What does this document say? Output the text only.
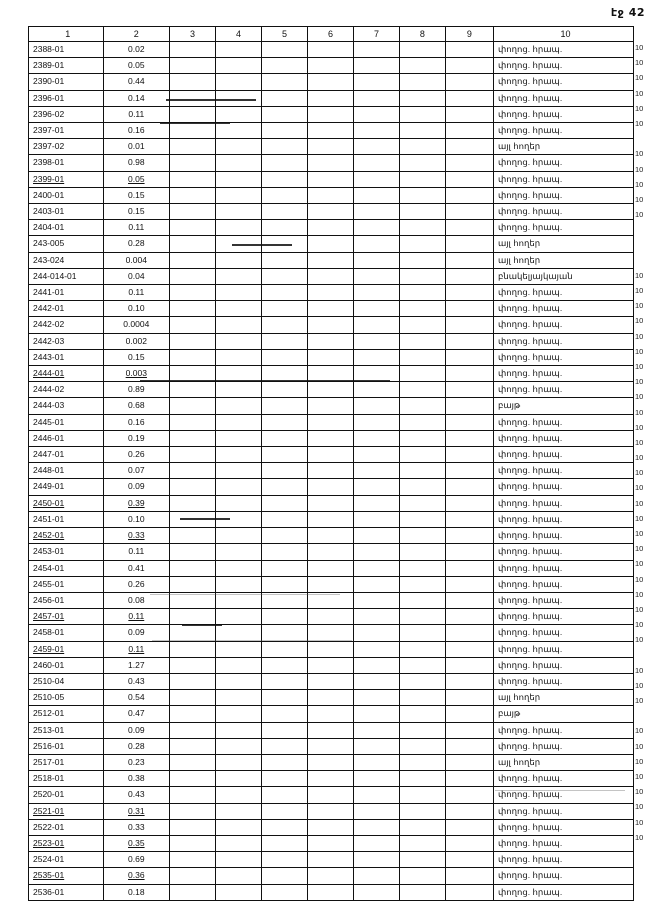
էջ 42
1	2	3	4	5	6	7	8	9	10
2388-01	0.02								փողոց. հրապ.
2389-01	0.05								փողոց. հրապ.
2390-01	0.44								փողոց. հրապ.
2396-01	0.14								փողոց. հրապ.
2396-02	0.11								փողոց. հրապ.
2397-01	0.16								փողոց. հրապ.
2397-02	0.01								այլ հողեր
2398-01	0.98								փողոց. հրապ.
2399-01	0.05								փողոց. հրապ.
2400-01	0.15								փողոց. հրապ.
2403-01	0.15								փողոց. հրապ.
2404-01	0.11								փողոց. հրապ.
243-005	0.28								այլ հողեր
243-024	0.004								այլ հողեր
244-014-01	0.04								բնակելյայկայան
2441-01	0.11								փողոց. հրապ.
2442-01	0.10								փողոց. հրապ.
2442-02	0.0004								փողոց. հրապ.
2442-03	0.002								փողոց. հրապ.
2443-01	0.15								փողոց. հրապ.
2444-01	0.003								փողոց. հրապ.
2444-02	0.89								փողոց. հրապ.
2444-03	0.68								բայթ
2445-01	0.16								փողոց. հրապ.
2446-01	0.19								փողոց. հրապ.
2447-01	0.26								փողոց. հրապ.
2448-01	0.07								փողոց. հրապ.
2449-01	0.09								փողոց. հրապ.
2450-01	0.39								փողոց. հրապ.
2451-01	0.10								փողոց. հրապ.
2452-01	0.33								փողոց. հրապ.
2453-01	0.11								փողոց. հրապ.
2454-01	0.41								փողոց. հրապ.
2455-01	0.26								փողոց. հրապ.
2456-01	0.08								փողոց. հրապ.
2457-01	0.11								փողոց. հրապ.
2458-01	0.09								փողոց. հրապ.
2459-01	0.11								փողոց. հրապ.
2460-01	1.27								փողոց. հրապ.
2510-04	0.43								փողոց. հրապ.
2510-05	0.54								այլ հողեր
2512-01	0.47								բայթ
2513-01	0.09								փողոց. հրապ.
2516-01	0.28								փողոց. հրապ.
2517-01	0.23								այլ հողեր
2518-01	0.38								փողոց. հրապ.
2520-01	0.43								փողոց. հրապ.
2521-01	0.31								փողոց. հրապ.
2522-01	0.33								փողոց. հրապ.
2523-01	0.35								փողոց. հրապ.
2524-01	0.69								փողոց. հրապ.
2535-01	0.36								փողոց. հրապ.
2536-01	0.18								փողոց. հրապ.
10
10
10
10
10
10
10
10
10
10
10
10
10
10
10
10
10
10
10
10
10
10
10
10
10
10
10
10
10
10
10
10
10
10
10
10
10
10
10
10
10
10
10
10
10
10
10
